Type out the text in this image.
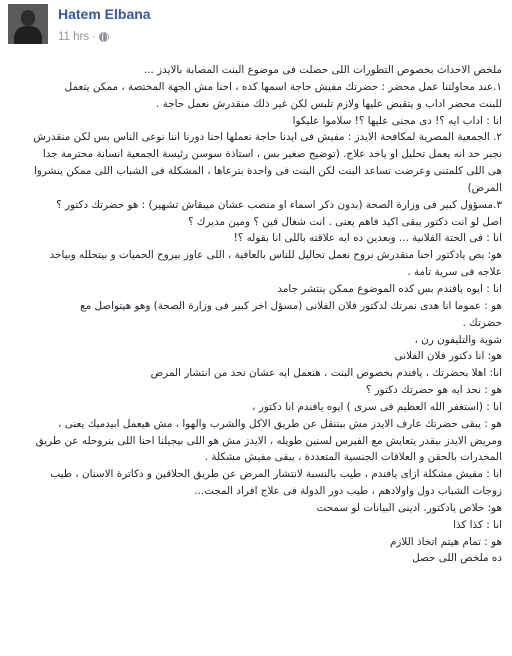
Hatem Elbana
11 hrs ·
ملخص الاحداث بخصوص التطورات اللى حصلت فى موضوع البنت المصابة بالايدز ...
١.عند محاولتنا عمل محضر : حضرتك مفيش حاجة اسمها كده ، احنا مش الجهة المختصة ، ممكن يتعمل
للبنت محضر اداب و يتقبض عليها ولازم تلبس لكن غير ذلك منقدرش نعمل حاجة .
انا : اداب ايه ؟! دى مجنى عليها ؟! سلاموا عليكوا
٢. الجمعية المصرية لمكافحة الايدز : مفيش فى ايدنا حاجة نعملها احنا دورنا اننا نوعى الناس بس لكن منقدرش
نجبر حد انه يعمل تحليل او ياخد علاج. (توضيح صغير بس ، استاذة سوسن رئيسة الجمعية انسانة محترمة جدا
هى اللى كلمتنى وعرضت تساعد البنت لكن البنت فى واحدة بترعاها ، المشكلة فى الشباب اللى ممكن ينشروا
المرض)
٣.مسؤول كبير فى وزارة الصحة (بدون ذكر اسماء او منصب عشان ميبقاش تشهير) : هو حضرتك دكتور ؟
اصل لو انت دكتور يبقى اكيد فاهم يعنى . انت شغال فين ؟ ومين مديرك ؟
انا : فى الحتة الفلانية ... وبعدين ده ايه علاقته باللى انا بقوله ؟!
هو: بص يادكتور احنا منقدرش نروح نعمل تحاليل للناس بالعافية ، اللى عاوز بيروح الحميات و بيتحلله وبياخد
علاجه فى سرية تامة .
انا : ايوه يافندم بس كده الموضوع ممكن ينتشر جامد
هو : عموما انا هدى نمرتك لدكتور فلان الفلانى (مسؤل اخر كبير فى وزارة الصحة) وهو هيتواصل مع
حضرتك .
شوية والتليفون رن ،
هو: انا دكتور فلان الفلانى
انا: اهلا بحضرتك ، يافندم بخصوص البنت ، هنعمل ايه عشان نحد من انتشار المرض
هو : نحد ايه هو حضرتك دكتور ؟
انا : (استغفر الله العظيم فى سرى ) ايوه يافندم انا دكتور ،
هو : يبقى حضرتك عارف الايدز مش بيتنقل عن طريق الاكل والشرب والهوا ، مش هيعمل ابيدميك يعنى ،
ومريض الايدز بيقدر يتعايش مع الفيرس لسنين طويله ، الايدز مش هو اللى بيجيلنا احنا اللى بنروحله عن طريق
المخدرات بالحقن و العلاقات الجنسية المتعددة ، يبقى مفيش مشكلة .
انا : مفيش مشكلة ازاى يافندم ، طيب بالنسبة لانتشار المرض عن طريق الحلاقين و دكاترة الاسنان ، طيب
زوجات الشباب دول واولادهم ، طيب دور الدولة فى علاج افراد المجت...
هو: خلاص يادكتور. ادينى البيانات لو سمحت
انا : كذا كذا
هو : تمام هيتم اتخاذ اللازم
ده ملخص اللى حصل
